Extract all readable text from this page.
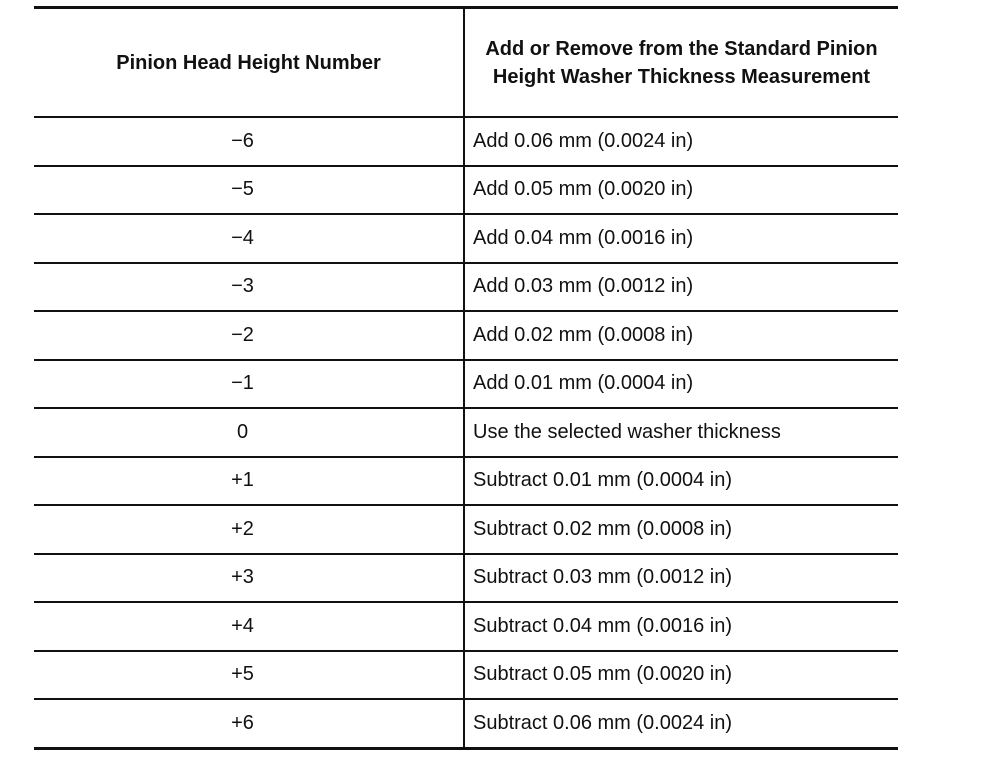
Pinion Head Height Number	Add or Remove from the Standard Pinion Height Washer Thickness Measurement
−6	Add 0.06 mm (0.0024 in)
−5	Add 0.05 mm (0.0020 in)
−4	Add 0.04 mm (0.0016 in)
−3	Add 0.03 mm (0.0012 in)
−2	Add 0.02 mm (0.0008 in)
−1	Add 0.01 mm (0.0004 in)
0	Use the selected washer thickness
+1	Subtract 0.01 mm (0.0004 in)
+2	Subtract 0.02 mm (0.0008 in)
+3	Subtract 0.03 mm (0.0012 in)
+4	Subtract 0.04 mm (0.0016 in)
+5	Subtract 0.05 mm (0.0020 in)
+6	Subtract 0.06 mm (0.0024 in)
